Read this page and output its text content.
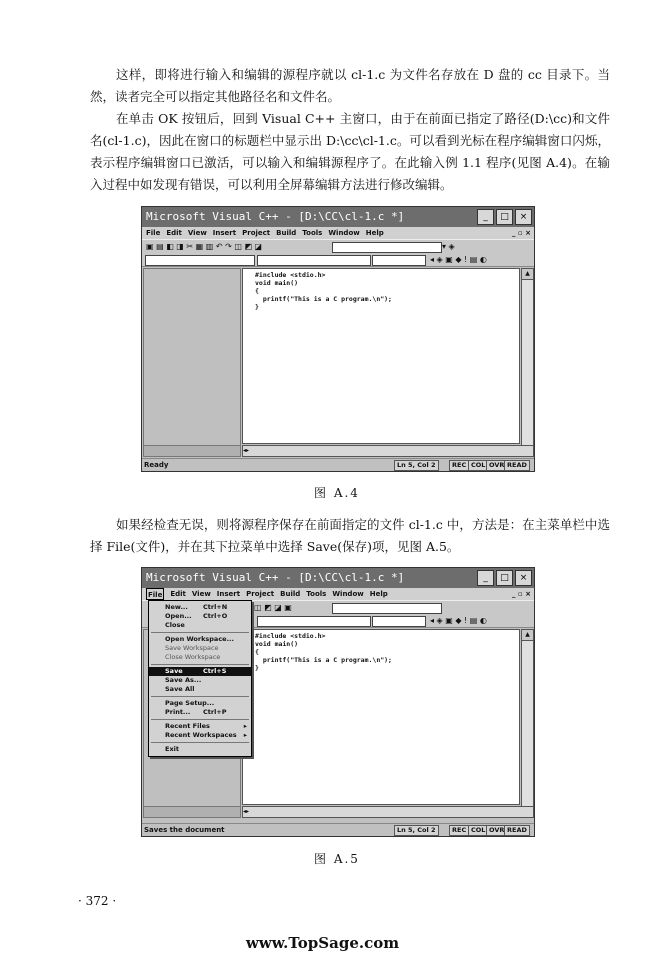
这样，即将进行输入和编辑的源程序就以 cl-1.c 为文件名存放在 D 盘的 cc 目录下。当然，读者完全可以指定其他路径名和文件名。

在单击 OK 按钮后，回到 Visual C++ 主窗口，由于在前面已指定了路径(D:\cc)和文件名(cl-1.c)，因此在窗口的标题栏中显示出 D:\cc\cl-1.c。可以看到光标在程序编辑窗口闪烁，表示程序编辑窗口已激活，可以输入和编辑源程序了。在此输入例 1.1 程序(见图 A.4)。在输入过程中如发现有错误，可以利用全屏幕编辑方法进行修改编辑。

Microsoft Visual C++ - [D:\CC\cl-1.c *]	_	□	×
File Edit View Insert Project Build Tools Window Help	_ ▫ ×
▣ ▤ ◧ ◨ ✂ ▦ ▥ ↶ ↷ ◫ ◩ ◪	▾ ◈
◂ ◈ ▣ ◆ ! ▤ ◐
#include <stdio.h>
void main()
{
printf("This is a C program.\n");
}
▲
◂▸
Ready	Ln 5, Col 2	REC COL OVR READ
图 A.4

如果经检查无误，则将源程序保存在前面指定的文件 cl-1.c 中，方法是：在主菜单栏中选择 File(文件)，并在其下拉菜单中选择 Save(保存)项，见图 A.5。

Microsoft Visual C++ - [D:\CC\cl-1.c *]	_	□	×
File Edit View Insert Project Build Tools Window Help	_ ▫ ×
◫ ◩ ◪ ▣
◂ ◈ ▣ ◆ ! ▤ ◐
#include <stdio.h>
void main()
{
printf("This is a C program.\n");
}
▲
◂▸
Saves the document	Ln 5, Col 2	REC COL OVR READ
New... Ctrl+N
Open... Ctrl+O
Close
Open Workspace...
Save Workspace
Close Workspace
Save	Ctrl+S
Save As...
Save All
Page Setup...
Print... Ctrl+P
Recent Files	▸
Recent Workspaces ▸
Exit
图 A.5
· 372 ·
www.TopSage.com
